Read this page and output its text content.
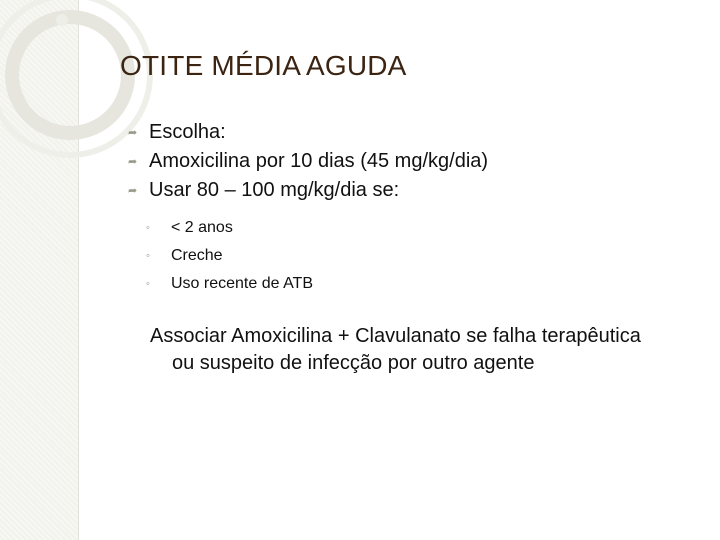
OTITE MÉDIA AGUDA
➦ Escolha:
➦ Amoxicilina por 10 dias (45 mg/kg/dia)
➦ Usar 80 – 100 mg/kg/dia se:
◦	< 2 anos
◦	Creche
◦	Uso recente de ATB
Associar Amoxicilina + Clavulanato se falha terapêutica
ou suspeito de infecção por outro agente
